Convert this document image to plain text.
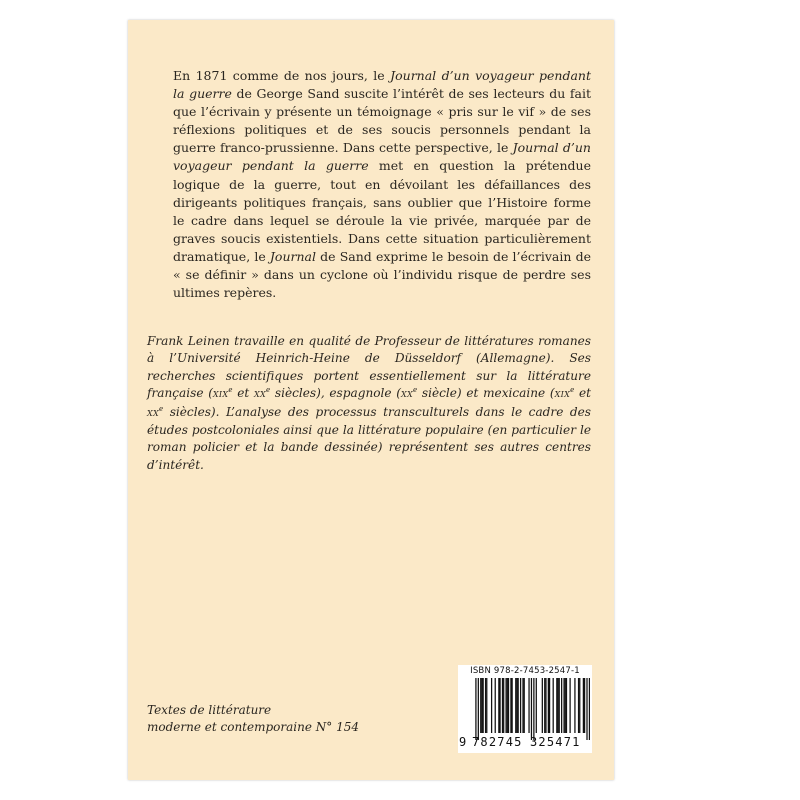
En 1871 comme de nos jours, le Journal d’un voyageur pendant la guerre de George Sand suscite l’intérêt de ses lecteurs du fait que l’écrivain y présente un témoignage « pris sur le vif » de ses réflexions politiques et de ses soucis personnels pendant la guerre franco-prussienne. Dans cette perspective, le Journal d’un voyageur pendant la guerre met en question la prétendue logique de la guerre, tout en dévoilant les défaillances des dirigeants politiques français, sans oublier que l’Histoire forme le cadre dans lequel se déroule la vie privée, marquée par de graves soucis existentiels. Dans cette situation particulièrement dramatique, le Journal de Sand exprime le besoin de l’écrivain de « se définir » dans un cyclone où l’individu risque de perdre ses ultimes repères.

Frank Leinen travaille en qualité de Professeur de littératures romanes à l’Université Heinrich-Heine de Düsseldorf (Allemagne). Ses recherches scientifiques portent essentiellement sur la littérature française (XIXe et XXe siècles), espagnole (XXe siècle) et mexicaine (XIXe et XXe siècles). L’analyse des processus transculturels dans le cadre des études postcoloniales ainsi que la littérature populaire (en particulier le roman policier et la bande dessinée) représentent ses autres centres d’intérêt.

Textes de littérature
moderne et contemporaine N° 154
ISBN 978-2-7453-2547-1
9 782745 325471
